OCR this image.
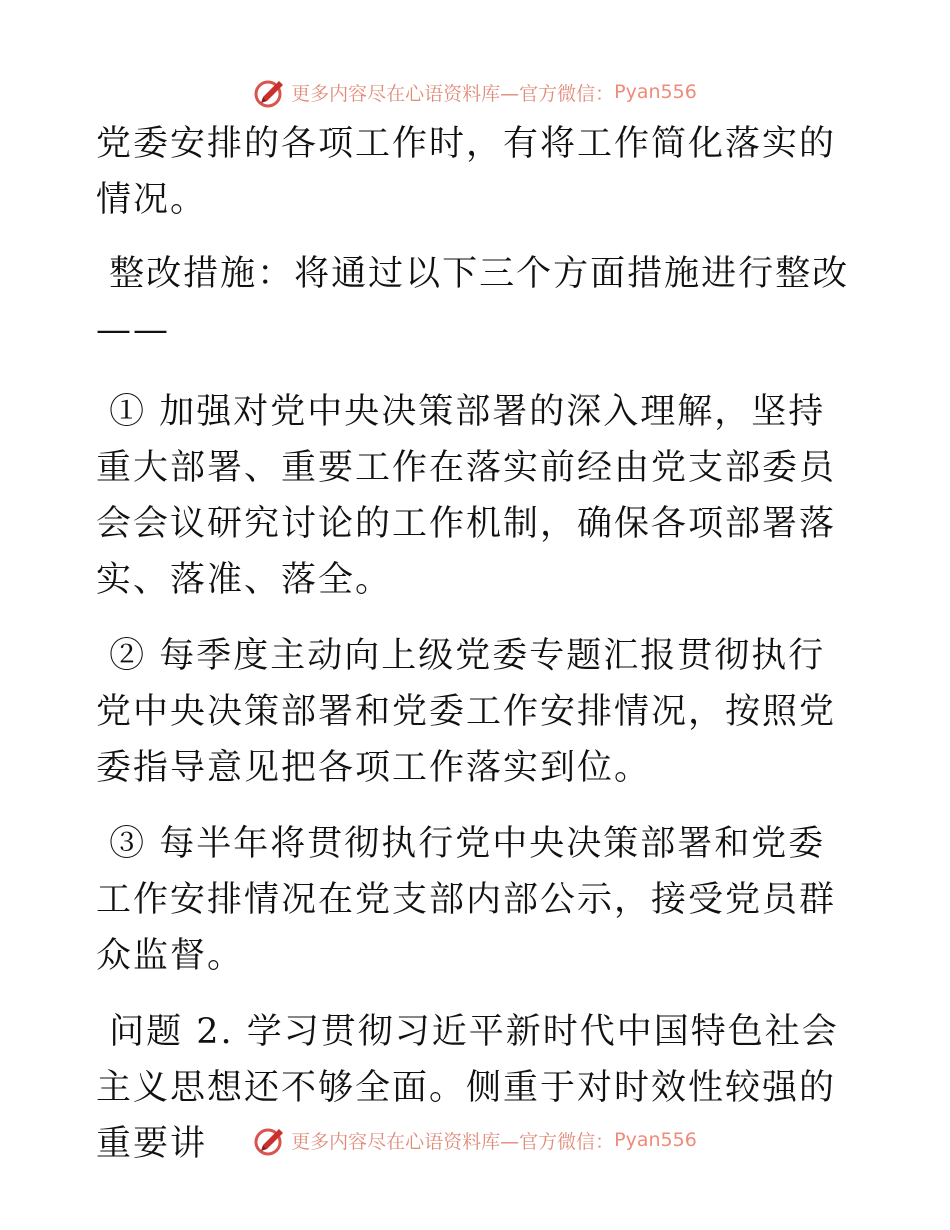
更多内容尽在心语资料库—官方微信： Pyan556

党委安排的各项工作时，有将工作简化落实的情况。

整改措施：将通过以下三个方面措施进行整改——

① 加强对党中央决策部署的深入理解，坚持重大部署、重要工作在落实前经由党支部委员会会议研究讨论的工作机制，确保各项部署落实、落准、落全。

② 每季度主动向上级党委专题汇报贯彻执行党中央决策部署和党委工作安排情况，按照党委指导意见把各项工作落实到位。

③ 每半年将贯彻执行党中央决策部署和党委工作安排情况在党支部内部公示，接受党员群众监督。

问题 2. 学习贯彻习近平新时代中国特色社会主义思想还不够全面。侧重于对时效性较强的重要讲	更多内容尽在心语资料库—官方微信： Pyan556
